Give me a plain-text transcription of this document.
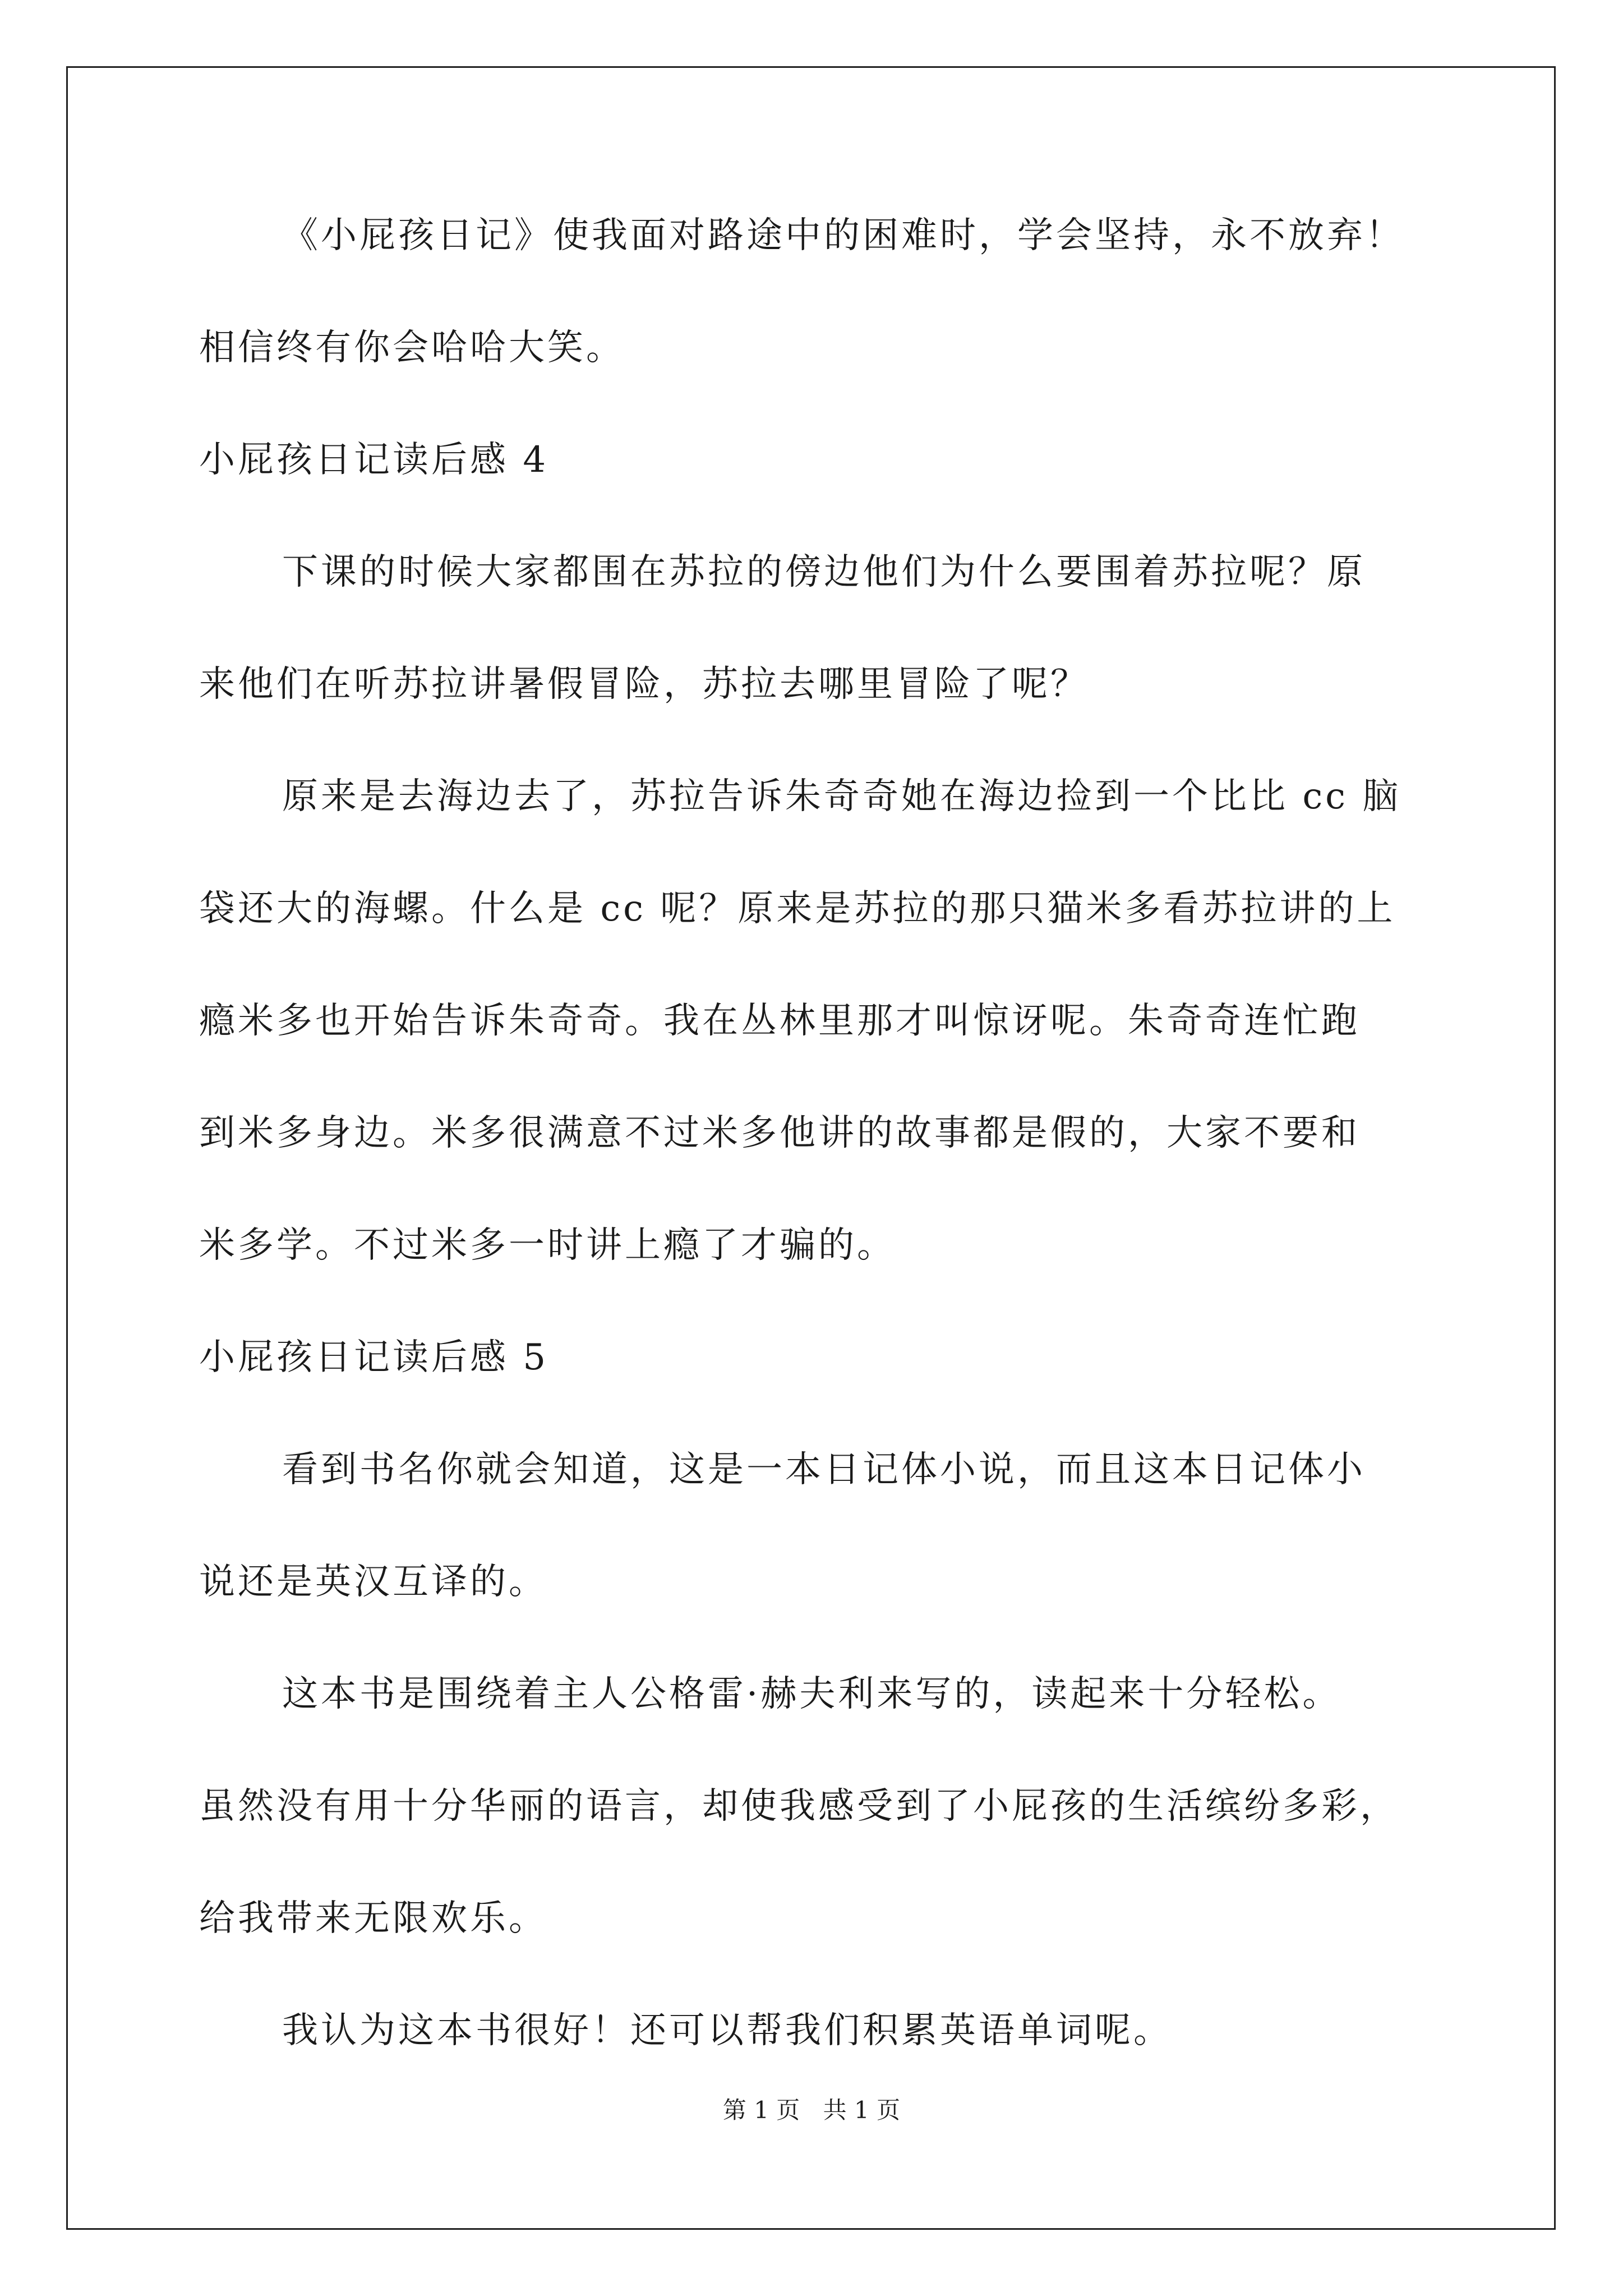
《小屁孩日记》使我面对路途中的困难时，学会坚持，永不放弃！
相信终有你会哈哈大笑。
小屁孩日记读后感 4
下课的时候大家都围在苏拉的傍边他们为什么要围着苏拉呢？原
来他们在听苏拉讲暑假冒险，苏拉去哪里冒险了呢？
原来是去海边去了，苏拉告诉朱奇奇她在海边捡到一个比比 cc 脑
袋还大的海螺。什么是 cc 呢？原来是苏拉的那只猫米多看苏拉讲的上
瘾米多也开始告诉朱奇奇。我在丛林里那才叫惊讶呢。朱奇奇连忙跑
到米多身边。米多很满意不过米多他讲的故事都是假的，大家不要和
米多学。不过米多一时讲上瘾了才骗的。
小屁孩日记读后感 5
看到书名你就会知道，这是一本日记体小说，而且这本日记体小
说还是英汉互译的。
这本书是围绕着主人公格雷·赫夫利来写的，读起来十分轻松。
虽然没有用十分华丽的语言，却使我感受到了小屁孩的生活缤纷多彩，
给我带来无限欢乐。
我认为这本书很好！还可以帮我们积累英语单词呢。
第 1 页 共 1 页
